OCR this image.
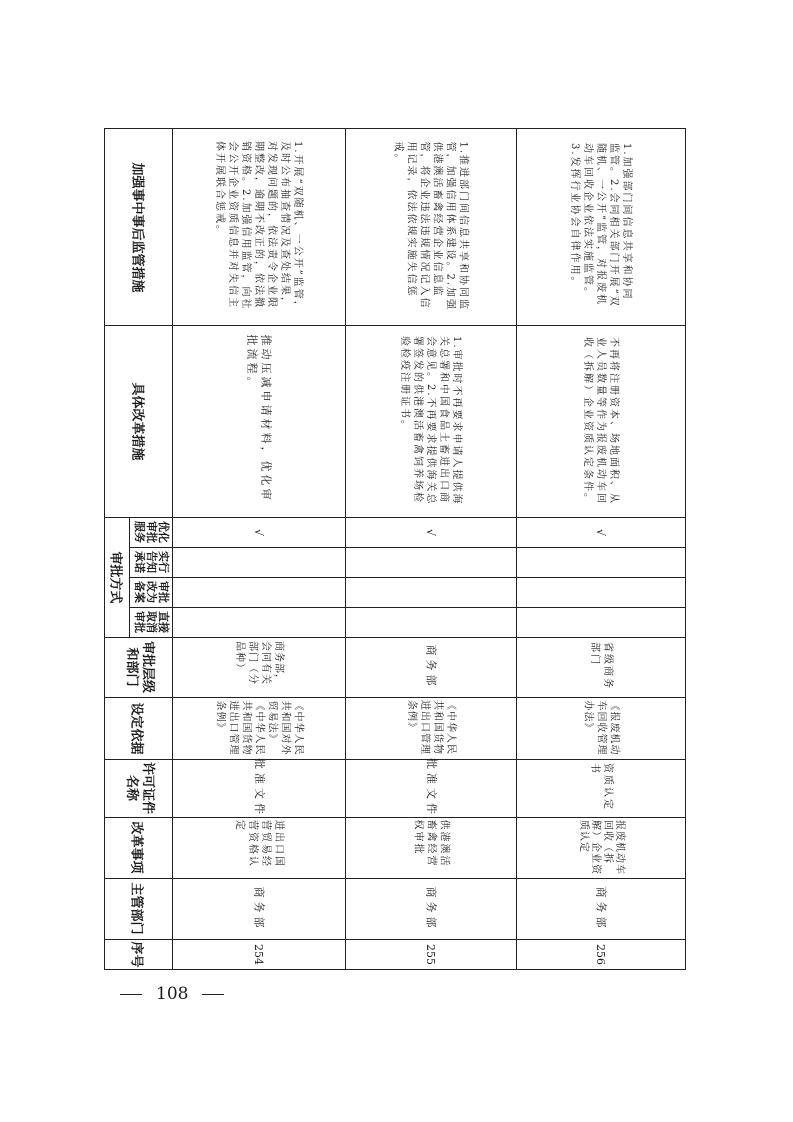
加强事中事后监管措施
具体改革措施
审批方式
优化审批服务
实行告知承诺
审批改为备案
直接取消审批
审批层级和部门
设定依据
许可证件名称
改革事项
主管部门
序号
1.开展“双随机、一公开”监管，及时公布抽查情况及查处结果，对发现问题的，依法责令企业限期整改，逾期不改正的，依法撤销资格。2.加强信用监管，向社会公开企业资质信息并对失信主体开展联合惩戒。
推动压减申请材料，优化审批流程。
√
商务部，会同有关部门（分品种）
《中华人民共和国对外贸易法》《中华人民共和国货物进出口管理条例》
批准文件
进出口国营贸易经营资格认定
商务部
254
1.推进部门间信息共享和协同监管，加强信用体系建设。2.加强供港澳活畜禽经营企业信息监管，将企业违法违规情况记入信用记录，依法依规实施失信惩戒。
1.审批时不再要求申请人提供海关总署和中国食品土畜进出口商会意见。2.不再要求提供海关总署签发的供港澳活畜禽饲养场检验检疫注册证书。
√
商务部
《中华人民共和国货物进出口管理条例》
批准文件
供港澳活畜禽经营权审批
商务部
255
1.加强部门间信息共享和协同监管。2.会同相关部门开展“双随机、一公开”监管，对报废机动车回收企业依法实施监管。3.发挥行业协会自律作用。
不再将注册资本、场地面积、从业人员数量等作为报废机动车回收（拆解）企业资质认定条件。
√
省级商务部门
《报废机动车回收管理办法》
资质认定书
报废机动车回收（拆解）企业资质认定
商务部
256
108
